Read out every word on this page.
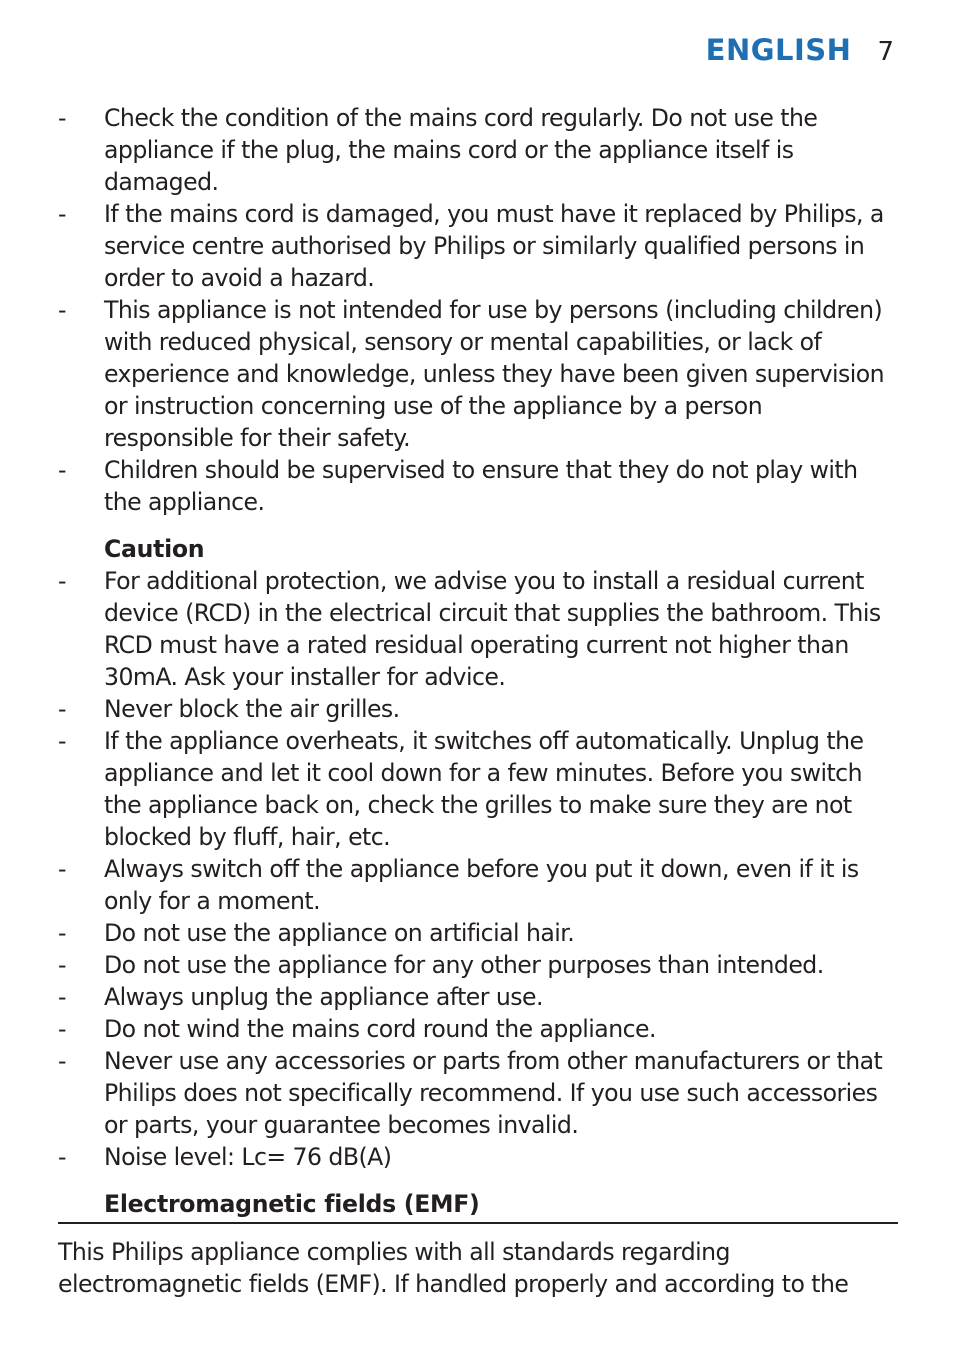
ENGLISH 7
- Check the condition of the mains cord regularly. Do not use the appliance if the plug, the mains cord or the appliance itself is damaged.
- If the mains cord is damaged, you must have it replaced by Philips, a service centre authorised by Philips or similarly qualified persons in order to avoid a hazard.
- This appliance is not intended for use by persons (including children) with reduced physical, sensory or mental capabilities, or lack of experience and knowledge, unless they have been given supervision or instruction concerning use of the appliance by a person responsible for their safety.
- Children should be supervised to ensure that they do not play with the appliance.
Caution
- For additional protection, we advise you to install a residual current device (RCD) in the electrical circuit that supplies the bathroom. This RCD must have a rated residual operating current not higher than 30mA. Ask your installer for advice.
- Never block the air grilles.
- If the appliance overheats, it switches off automatically. Unplug the appliance and let it cool down for a few minutes. Before you switch the appliance back on, check the grilles to make sure they are not blocked by fluff, hair, etc.
- Always switch off the appliance before you put it down, even if it is only for a moment.
- Do not use the appliance on artificial hair.
- Do not use the appliance for any other purposes than intended.
- Always unplug the appliance after use.
- Do not wind the mains cord round the appliance.
- Never use any accessories or parts from other manufacturers or that Philips does not specifically recommend. If you use such accessories or parts, your guarantee becomes invalid.
- Noise level: Lc= 76 dB(A)
Electromagnetic fields (EMF)
This Philips appliance complies with all standards regarding electromagnetic fields (EMF). If handled properly and according to the
